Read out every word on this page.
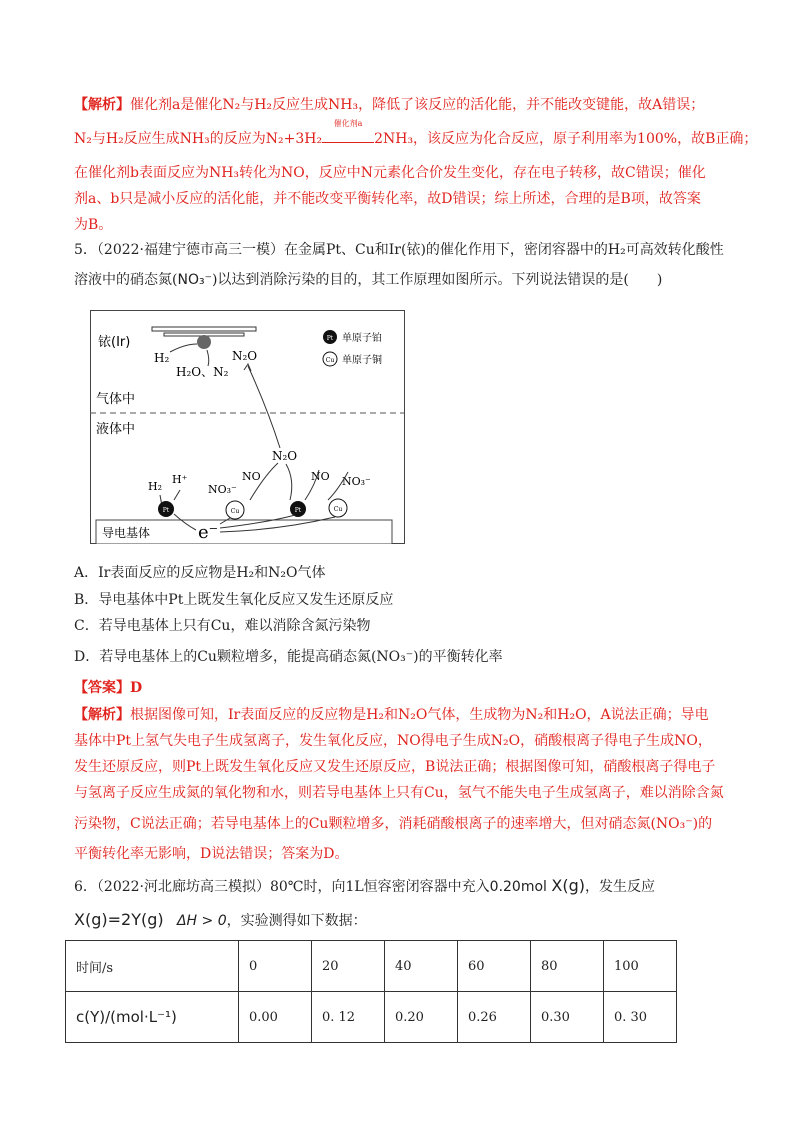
【解析】催化剂a是催化N₂与H₂反应生成NH₃，降低了该反应的活化能，并不能改变键能，故A错误；
N₂与H₂反应生成NH₃的反应为N₂+3H₂
催化剂a
2NH₃，该反应为化合反应，原子利用率为100%，故B正确；
在催化剂b表面反应为NH₃转化为NO，反应中N元素化合价发生变化，存在电子转移，故C错误；催化
剂a、b只是减小反应的活化能，并不能改变平衡转化率，故D错误；综上所述，合理的是B项，故答案
为B。
5．（2022·福建宁德市高三一模）在金属Pt、Cu和Ir(铱)的催化作用下，密闭容器中的H₂可高效转化酸性
溶液中的硝态氮(NO₃⁻)以达到消除污染的目的，其工作原理如图所示。下列说法错误的是(　　)
铱(Ir)
H₂
H₂O、N₂
N₂O
Pt 单原子铂
Cu 单原子铜
气体中
液体中
N₂O
NO	NO
NO₃⁻
NO₃⁻
H₂
H⁺
Pt	Cu	Pt	Cu
导电基体	e⁻
A．Ir表面反应的反应物是H₂和N₂O气体
B．导电基体中Pt上既发生氧化反应又发生还原反应
C．若导电基体上只有Cu，难以消除含氮污染物
D．若导电基体上的Cu颗粒增多，能提高硝态氮(NO₃⁻)的平衡转化率
【答案】D
【解析】根据图像可知，Ir表面反应的反应物是H₂和N₂O气体，生成物为N₂和H₂O，A说法正确；导电
基体中Pt上氢气失电子生成氢离子，发生氧化反应，NO得电子生成N₂O，硝酸根离子得电子生成NO，
发生还原反应，则Pt上既发生氧化反应又发生还原反应，B说法正确；根据图像可知，硝酸根离子得电子
与氢离子反应生成氮的氧化物和水，则若导电基体上只有Cu，氢气不能失电子生成氢离子，难以消除含氮
污染物，C说法正确；若导电基体上的Cu颗粒增多，消耗硝酸根离子的速率增大，但对硝态氮(NO₃⁻)的
平衡转化率无影响，D说法错误；答案为D。
6．（2022·河北廊坊高三模拟）80℃时，向1L恒容密闭容器中充入0.20mol X(g)，发生反应
X(g)=2Y(g) ΔH > 0，实验测得如下数据：
时间/s	0	20	40	60	80	100
c(Y)/(mol·L⁻¹)	0.00	0. 12	0.20	0.26	0.30	0. 30
